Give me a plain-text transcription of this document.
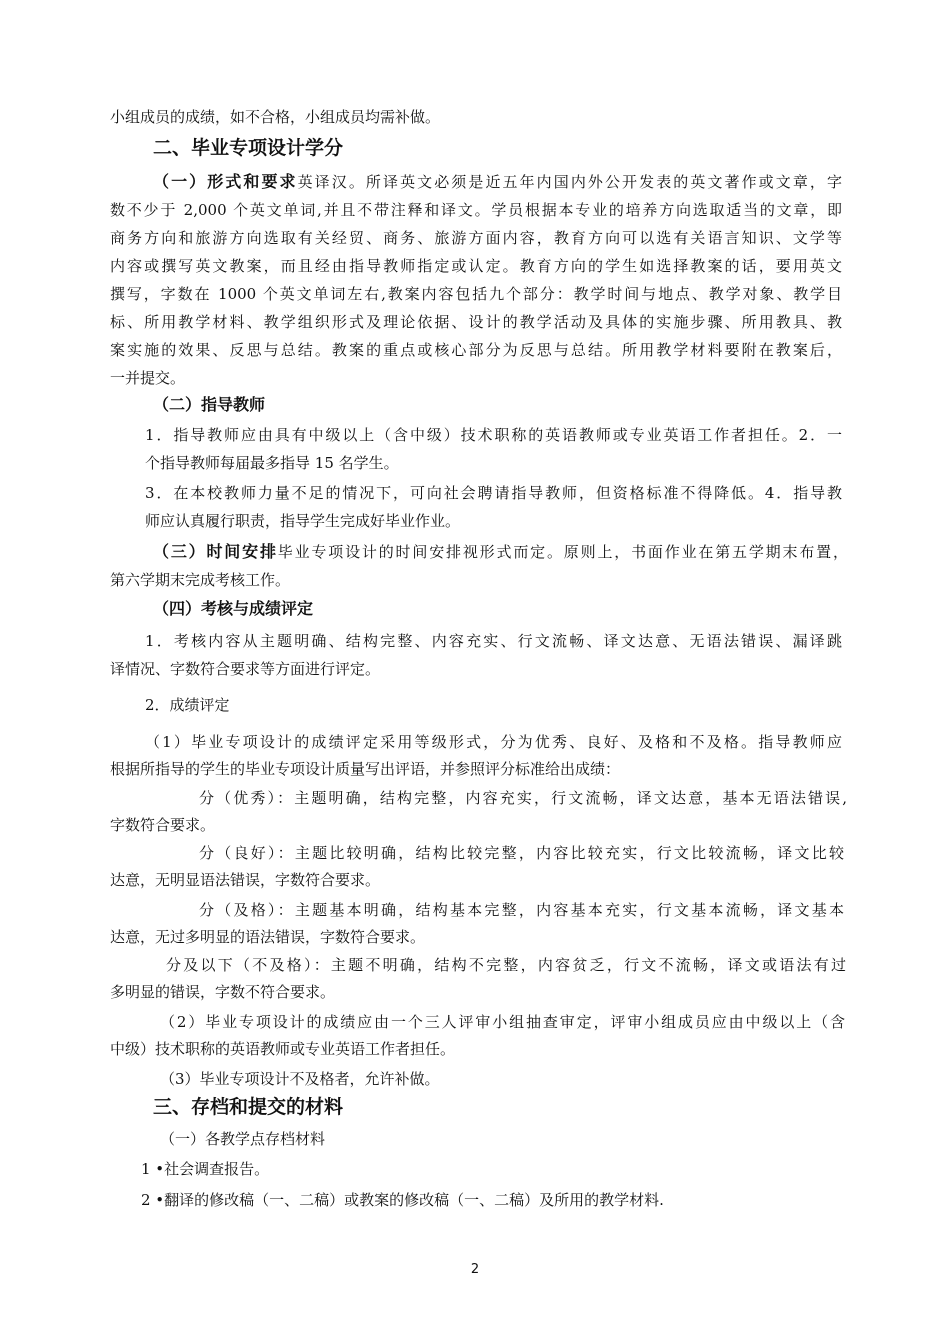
小组成员的成绩，如不合格，小组成员均需补做。
二、毕业专项设计学分
（一）形式和要求英译汉。所译英文必须是近五年内国内外公开发表的英文著作或文章，字
数不少于 2,000 个英文单词,并且不带注释和译文。学员根据本专业的培养方向选取适当的文章，即
商务方向和旅游方向选取有关经贸、商务、旅游方面内容，教育方向可以选有关语言知识、文学等
内容或撰写英文教案，而且经由指导教师指定或认定。教育方向的学生如选择教案的话，要用英文
撰写，字数在 1000 个英文单词左右,教案内容包括九个部分：教学时间与地点、教学对象、教学目
标、所用教学材料、教学组织形式及理论依据、设计的教学活动及具体的实施步骤、所用教具、教
案实施的效果、反思与总结。教案的重点或核心部分为反思与总结。所用教学材料要附在教案后，
一并提交。
（二）指导教师
1．指导教师应由具有中级以上（含中级）技术职称的英语教师或专业英语工作者担任。2．一
个指导教师每届最多指导 15 名学生。
3．在本校教师力量不足的情况下，可向社会聘请指导教师，但资格标准不得降低。4．指导教
师应认真履行职责，指导学生完成好毕业作业。
（三）时间安排毕业专项设计的时间安排视形式而定。原则上，书面作业在第五学期末布置，
第六学期末完成考核工作。
（四）考核与成绩评定
1．考核内容从主题明确、结构完整、内容充实、行文流畅、译文达意、无语法错误、漏译跳
译情况、字数符合要求等方面进行评定。
2．成绩评定
（1）毕业专项设计的成绩评定采用等级形式，分为优秀、良好、及格和不及格。指导教师应
根据所指导的学生的毕业专项设计质量写出评语，并参照评分标准给出成绩：
分（优秀）：主题明确，结构完整，内容充实，行文流畅，译文达意，基本无语法错误,
字数符合要求。
分（良好）：主题比较明确，结构比较完整，内容比较充实，行文比较流畅，译文比较
达意，无明显语法错误，字数符合要求。
分（及格）：主题基本明确，结构基本完整，内容基本充实，行文基本流畅，译文基本
达意，无过多明显的语法错误，字数符合要求。
分及以下（不及格）：主题不明确，结构不完整，内容贫乏，行文不流畅，译文或语法有过
多明显的错误，字数不符合要求。
（2）毕业专项设计的成绩应由一个三人评审小组抽查审定，评审小组成员应由中级以上（含
中级）技术职称的英语教师或专业英语工作者担任。
（3）毕业专项设计不及格者，允许补做。
三、存档和提交的材料
（一）各教学点存档材料
1 •社会调查报告。
2 •翻译的修改稿（一、二稿）或教案的修改稿（一、二稿）及所用的教学材料.
2
